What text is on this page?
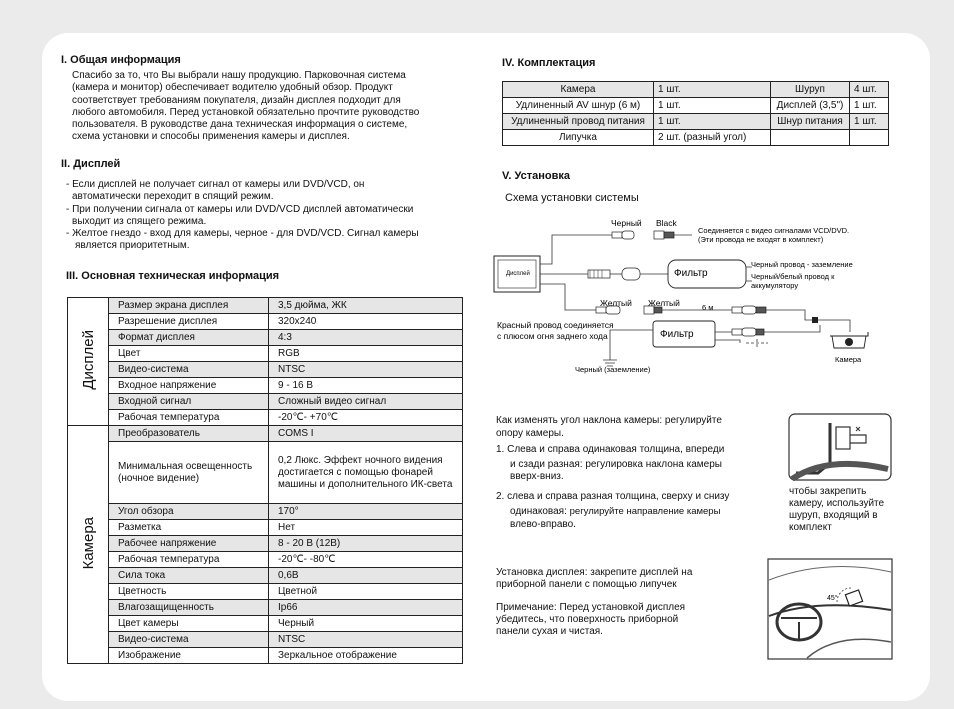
I. Общая информация

Спасибо за то, что Вы выбрали нашу продукцию. Парковочная система

(камера и монитор) обеспечивает водителю удобный обзор. Продукт

соответствует требованиям покупателя, дизайн дисплея подходит для

любого автомобиля. Перед установкой обязательно прочтите руководство

пользователя. В руководстве дана техническая информация о системе,

схема установки и способы применения камеры и дисплея.

II. Дисплей

- Если дисплей не получает сигнал от камеры или DVD/VCD, он

автоматически переходит в спящий режим.

- При получении сигнала от камеры или DVD/VCD дисплей автоматически

выходит из спящего режима.

- Желтое гнездо - вход для камеры, черное - для DVD/VCD. Сигнал камеры

является приоритетным.

III. Основная техническая информация
Дисплей	Размер экрана дисплея	3,5 дюйма, ЖК
	Разрешение дисплея	320x240
	Формат дисплея	4:3
	Цвет	RGB
	Видео-система	NTSC
	Входное напряжение	9 - 16 В
	Входной сигнал	Сложный видео сигнал
	Рабочая температура	-20℃- +70℃
Камера	Преобразователь	COMS I
	Минимальная освещенность (ночное видение)	0,2 Люкс. Эффект ночного видения достигается с помощью фонарей машины и дополнительного ИК-света
	Угол обзора	170°
	Разметка	Нет
	Рабочее напряжение	8 - 20 В (12В)
	Рабочая температура	-20℃- -80℃
	Сила тока	0,6В
	Цветность	Цветной
	Влагозащищенность	Ip66
	Цвет камеры	Черный
	Видео-система	NTSC
	Изображение	Зеркальное отображение
IV. Комплектация
Камера	1 шт.	Шуруп	4 шт.
Удлиненный AV шнур (6 м)	1 шт.	Дисплей (3,5")	1 шт.
Удлиненный провод питания	1 шт.	Шнур питания	1 шт.
Липучка	2 шт. (разный угол)		
V. Установка
Схема установки системы
Дисплей
Черный Black
Соединяется с видео сигналами VCD/DVD.
(Эти провода не входят в комплект)
Фильтр
Черный провод - заземление
Черный/белый провод к
аккумулятору
Желтый Желтый	6 м
Фильтр
Красный провод соединяется
с плюсом огня заднего хода
Черный (заземление)
Камера

Как изменять угол наклона камеры: регулируйте

опору камеры.

1. Слева и справа одинаковая толщина, впереди

и сзади разная: регулировка наклона камеры

вверх-вниз.

2. слева и справа разная толщина, сверху и снизу

одинаковая: регулируйте направление камеры

влево-вправо.

чтобы закрепить

камеру, используйте

шуруп, входящий в

комплект

Установка дисплея: закрепите дисплей на

приборной панели с помощью липучек

Примечание: Перед установкой дисплея

убедитесь, что поверхность приборной

панели сухая и чистая.

45°
